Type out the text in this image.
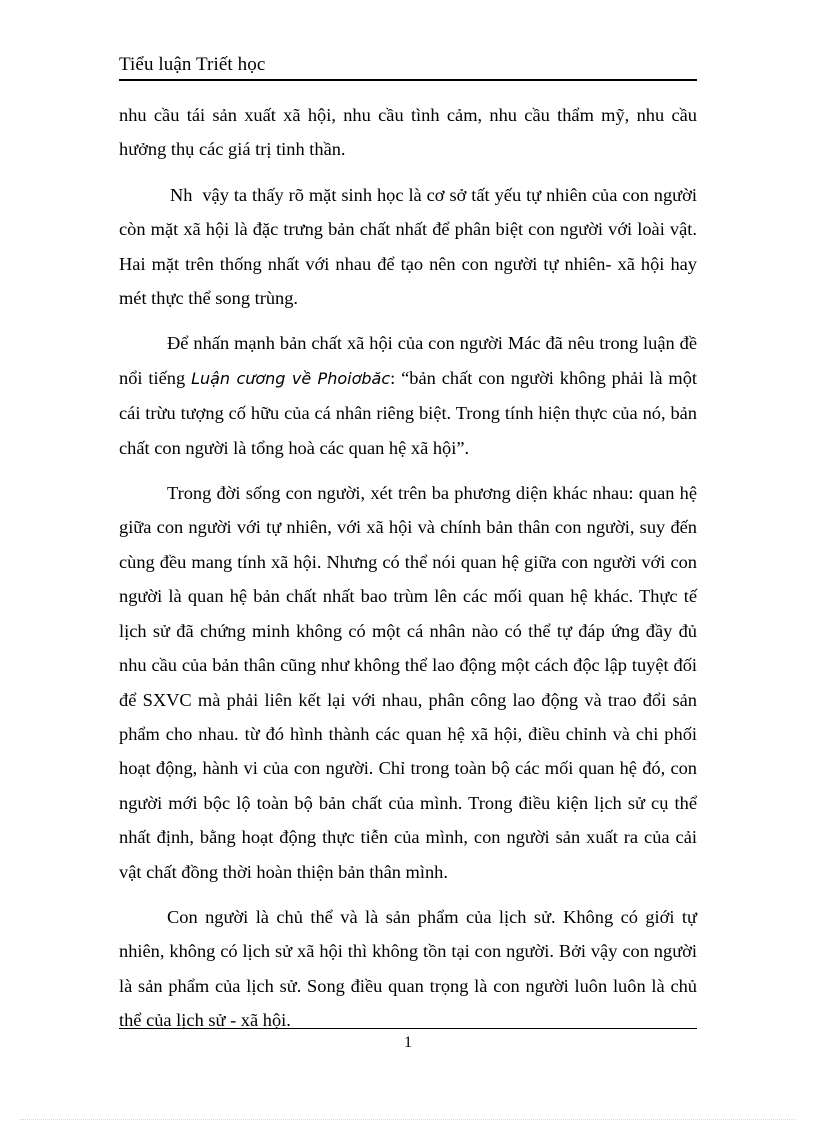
Tiểu luận Triết học

nhu cầu tái sản xuất xã hội, nhu cầu tình cảm, nhu cầu thẩm mỹ, nhu cầu hưởng thụ các giá trị tinh thần.

Nh  vậy ta thấy rõ mặt sinh học là cơ sở tất yếu tự nhiên của con người còn mặt xã hội là đặc trưng bản chất nhất để phân biệt con người với loài vật. Hai mặt trên thống nhất với nhau để tạo nên con người tự nhiên- xã hội hay mét thực thể song trùng.

Để nhấn mạnh bản chất xã hội của con người Mác đã nêu trong luận đề nổi tiếng Luận cương về Phoiơbăc: “bản chất con người không phải là một cái trừu tượng cố hữu của cá nhân riêng biệt. Trong tính hiện thực của nó, bản chất con người là tổng hoà các quan hệ xã hội”.

Trong đời sống con người, xét trên ba phương diện khác nhau: quan hệ giữa con người với tự nhiên, với xã hội và chính bản thân con người, suy đến cùng đều mang tính xã hội. Nhưng có thể nói quan hệ giữa con người với con người là quan hệ bản chất nhất bao trùm lên các mối quan hệ khác. Thực tế lịch sử đã chứng minh không có một cá nhân nào có thể tự đáp ứng đầy đủ nhu cầu của bản thân cũng như không thể lao động một cách độc lập tuyệt đối để SXVC mà phải liên kết lại với nhau, phân công lao động và trao đổi sản phẩm cho nhau. từ đó hình thành các quan hệ xã hội, điều chỉnh và chi phối hoạt động, hành vi của con người. Chỉ trong toàn bộ các mối quan hệ đó, con người mới bộc lộ toàn bộ bản chất của mình. Trong điều kiện lịch sử cụ thể nhất định, bằng hoạt động thực tiễn của mình, con người sản xuất ra của cải vật chất đồng thời hoàn thiện bản thân mình.

Con người là chủ thể và là sản phẩm của lịch sử. Không có giới tự nhiên, không có lịch sử xã hội thì không tồn tại con người. Bởi vậy con người là sản phẩm của lịch sử. Song điều quan trọng là con người luôn luôn là chủ thể của lịch sử - xã hội.

1
